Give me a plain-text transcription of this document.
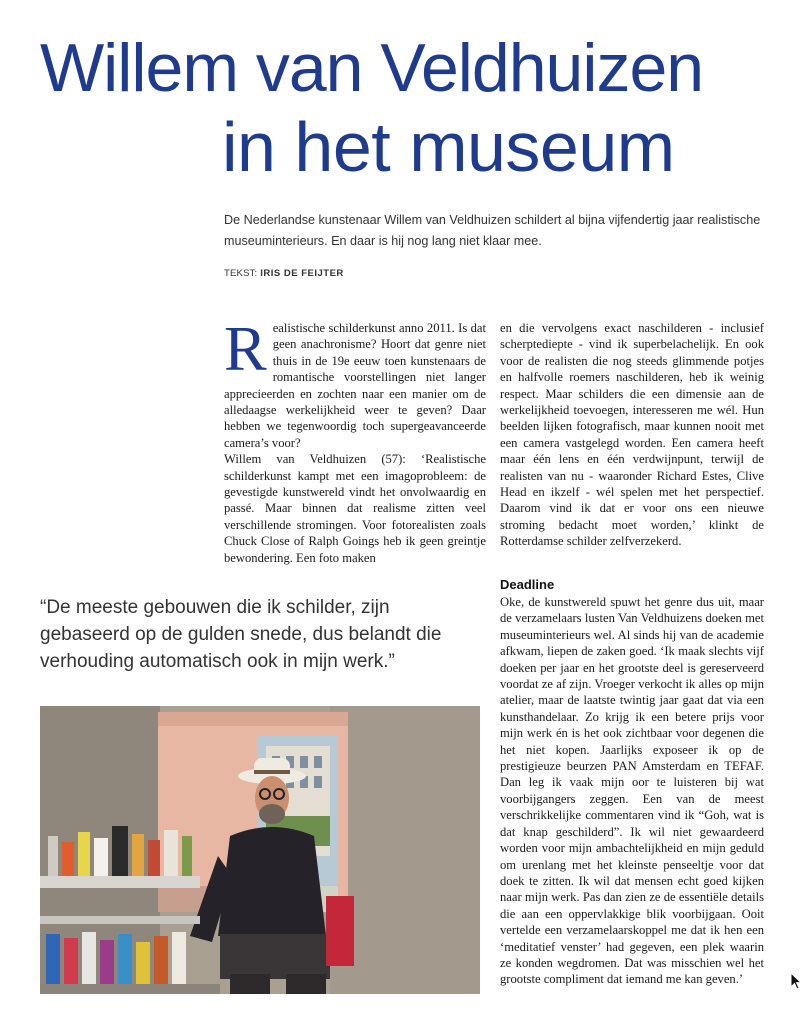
Willem van Veldhuizen
in het museum
De Nederlandse kunstenaar Willem van Veldhuizen schildert al bijna vijfendertig jaar realistische museuminterieurs. En daar is hij nog lang niet klaar mee.
TEKST: IRIS DE FEIJTER
R ealistische schilderkunst anno 2011. Is dat geen anachronisme? Hoort dat genre niet thuis in de 19e eeuw toen kunstenaars de romantische voorstellingen niet langer apprecieerden en zochten naar een manier om de alledaagse werkelijkheid weer te geven? Daar hebben we tegenwoordig toch supergeavanceerde camera’s voor?

Willem van Veldhuizen (57): ‘Realistische schilderkunst kampt met een imagoprobleem: de gevestigde kunstwereld vindt het onvolwaardig en passé. Maar binnen dat realisme zitten veel verschillende stromingen. Voor fotorealisten zoals Chuck Close of Ralph Goings heb ik geen greintje bewondering. Een foto maken

en die vervolgens exact naschilderen - inclusief scherptediepte - vind ik superbelachelijk. En ook voor de realisten die nog steeds glimmende potjes en halfvolle roemers naschilderen, heb ik weinig respect. Maar schilders die een dimensie aan de werkelijkheid toevoegen, interesseren me wél. Hun beelden lijken fotografisch, maar kunnen nooit met een camera vastgelegd worden. Een camera heeft maar één lens en één verdwijnpunt, terwijl de realisten van nu - waaronder Richard Estes, Clive Head en ikzelf - wél spelen met het perspectief. Daarom vind ik dat er voor ons een nieuwe stroming bedacht moet worden,’ klinkt de Rotterdamse schilder zelfverzekerd.

Deadline

Oke, de kunstwereld spuwt het genre dus uit, maar de verzamelaars lusten Van Veldhuizens doeken met museuminterieurs wel. Al sinds hij van de academie afkwam, liepen de zaken goed. ‘Ik maak slechts vijf doeken per jaar en het grootste deel is gereserveerd voordat ze af zijn. Vroeger verkocht ik alles op mijn atelier, maar de laatste twintig jaar gaat dat via een kunsthandelaar. Zo krijg ik een betere prijs voor mijn werk én is het ook zichtbaar voor degenen die het niet kopen. Jaarlijks exposeer ik op de prestigieuze beurzen PAN Amsterdam en TEFAF. Dan leg ik vaak mijn oor te luisteren bij wat voorbijgangers zeggen. Een van de meest verschrikkelijke commentaren vind ik “Goh, wat is dat knap geschilderd”. Ik wil niet gewaardeerd worden voor mijn ambachtelijkheid en mijn geduld om urenlang met het kleinste penseeltje voor dat doek te zitten. Ik wil dat mensen echt goed kijken naar mijn werk. Pas dan zien ze de essentiële details die aan een oppervlakkige blik voorbijgaan. Ooit vertelde een verzamelaarskoppel me dat ik hen een ‘meditatief venster’ had gegeven, een plek waarin ze konden wegdromen. Dat was misschien wel het grootste compliment dat iemand me kan geven.’

“De meeste gebouwen die ik schilder, zijn gebaseerd op de gulden snede, dus belandt die verhouding automatisch ook in mijn werk.”
